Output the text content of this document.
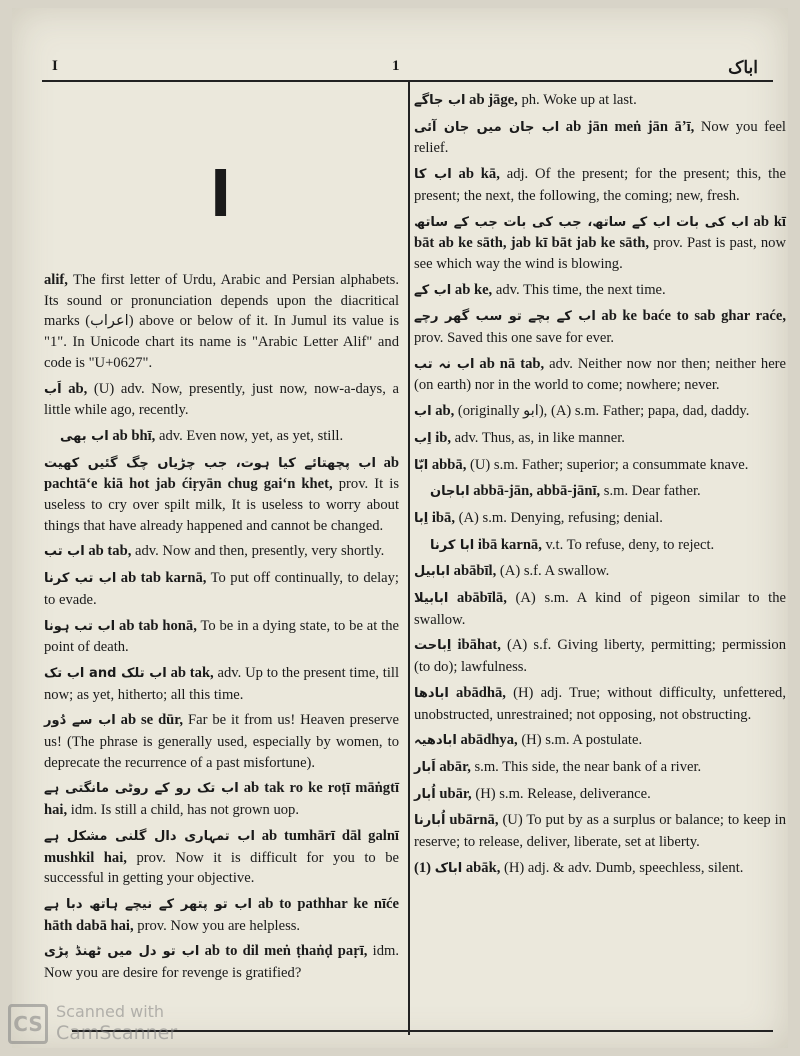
I	1	اباک
ا
alif, The first letter of Urdu, Arabic and Persian alphabets. Its sound or pronunciation depends upon the diacritical marks (اعراب) above or below of it. In Jumul its value is "1". In Unicode chart its name is "Arabic Letter Alif" and code is "U+0627".
اَب ab, (U) adv. Now, presently, just now, now-a-days, a little while ago, recently.
اب بھی ab bhī, adv. Even now, yet, as yet, still.
اب پچھتائے کیا ہوت، جب چڑیاں چگ گئیں کھیت ab pachtāʻe kiā hot jab ćiṛyān chug gaiʻn khet, prov. It is useless to cry over spilt milk, It is useless to worry about things that have already happened and cannot be changed.
اب تب ab tab, adv. Now and then, presently, very shortly.
اب تب کرنا ab tab karnā, To put off continually, to delay; to evade.
اب تب ہونا ab tab honā, To be in a dying state, to be at the point of death.
اب تک and اب تلک ab tak, adv. Up to the present time, till now; as yet, hitherto; all this time.
اب سے دُور ab se dūr, Far be it from us! Heaven preserve us! (The phrase is generally used, especially by women, to deprecate the recurrence of a past misfortune).
اب تک رو کے روٹی مانگتی ہے ab tak ro ke roṭī māṅgtī hai, idm. Is still a child, has not grown uop.
اب تمہاری دال گلنی مشکل ہے ab tumhārī dāl galnī mushkil hai, prov. Now it is difficult for you to be successful in getting your objective.
اب تو پتھر کے نیچے ہاتھ دبا ہے ab to pathhar ke nīće hāth dabā hai, prov. Now you are helpless.
اب تو دل میں ٹھنڈ پڑی ab to dil meṅ ṭhaṅḍ paṛī, idm. Now you are desire for revenge is gratified?
اب جاگے ab jāge, ph. Woke up at last.
اب جان میں جان آئی ab jān meṅ jān āʼī, Now you feel relief.
اب کا ab kā, adj. Of the present; for the present; this, the present; the next, the following, the coming; new, fresh.
اب کی بات اب کے ساتھ، جب کی بات جب کے ساتھ ab kī bāt ab ke sāth, jab kī bāt jab ke sāth, prov. Past is past, now see which way the wind is blowing.
اب کے ab ke, adv. This time, the next time.
اب کے بچے تو سب گھر رچے ab ke baće to sab ghar raće, prov. Saved this one save for ever.
اب نہ تب ab nā tab, adv. Neither now nor then; neither here (on earth) nor in the world to come; nowhere; never.
اب ab, (originally ابو), (A) s.m. Father; papa, dad, daddy.
اِب ib, adv. Thus, as, in like manner.
ابّا abbā, (U) s.m. Father; superior; a consummate knave.
اباجان abbā-jān, abbā-jānī, s.m. Dear father.
اِبا ibā, (A) s.m. Denying, refusing; denial.
ابا کرنا ibā karnā, v.t. To refuse, deny, to reject.
ابابیل abābīl, (A) s.f. A swallow.
ابابیلا abābīlā, (A) s.m. A kind of pigeon similar to the swallow.
اِباحت ibāhat, (A) s.f. Giving liberty, permitting; permission (to do); lawfulness.
ابادھا abādhā, (H) adj. True; without difficulty, unfettered, unobstructed, unrestrained; not opposing, not obstructing.
ابادھیہ abādhya, (H) s.m. A postulate.
اَبار abār, s.m. This side, the near bank of a river.
اُبار ubār, (H) s.m. Release, deliverance.
اُبارنا ubārnā, (U) To put by as a surplus or balance; to keep in reserve; to release, deliver, liberate, set at liberty.
اباک (1) abāk, (H) adj. & adv. Dumb, speechless, silent.
CS
Scanned with
CamScanner
